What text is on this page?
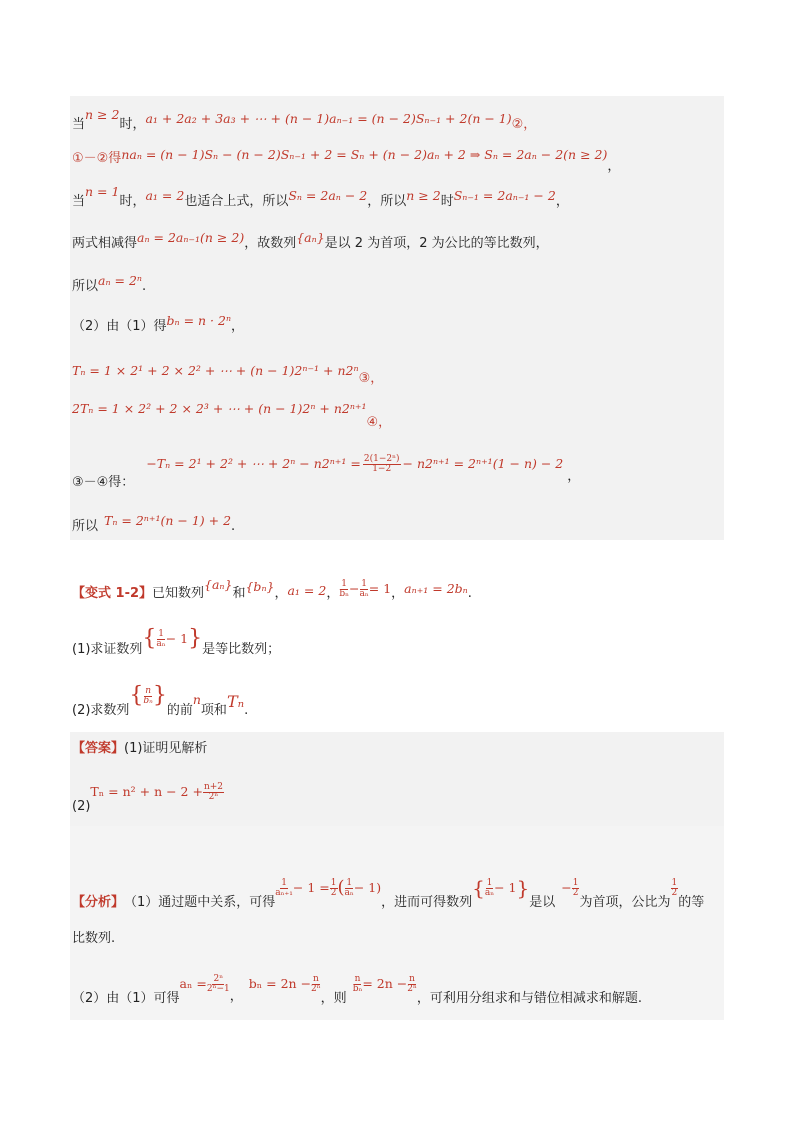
当
n ≥ 2
时， a₁ + 2a₂ + 3a₃ + ⋯ + (n − 1)aₙ₋₁ = (n − 2)Sₙ₋₁ + 2(n − 1) ②，
①－②得 naₙ = (n − 1)Sₙ − (n − 2)Sₙ₋₁ + 2 = Sₙ + (n − 2)aₙ + 2 ⇒ Sₙ = 2aₙ − 2(n ≥ 2)
，
当
n = 1
时， a₁ = 2 也适合上式，所以 Sₙ = 2aₙ − 2 ，所以 n ≥ 2 时 Sₙ₋₁ = 2aₙ₋₁ − 2 ，
两式相减得 aₙ = 2aₙ₋₁(n ≥ 2) ，故数列 {aₙ} 是以 2 为首项，2 为公比的等比数列，
所以 aₙ = 2ⁿ .
（2）由（1）得 bₙ = n · 2ⁿ ，
Tₙ = 1 × 2¹ + 2 × 2² + ⋯ + (n − 1)2ⁿ⁻¹ + n2ⁿ
③，
2Tₙ = 1 × 2² + 2 × 2³ + ⋯ + (n − 1)2ⁿ + n2ⁿ⁺¹
④，
③－④得：
−Tₙ = 2¹ + 2² + ⋯ + $2^n - n2^{n+1} = \frac{\text{2(1−2ⁿ)}}{1-2} - n2^{n+1} = 2^{n+1}(1 - n) - 2$
，
所以 Tₙ = 2ⁿ⁺¹(n − 1) + 2 .
【变式 1-2】 已知数列
{aₙ}
和 {bₙ} ， a₁ = 2 ， $\frac{1}{\text{bₙ}} - \frac{1}{\text{aₙ}} = 1$ ， aₙ₊₁ = 2bₙ .
(1)求证数列 { $\frac{1}{\text{aₙ}} - 1$ } 是等比数列；
(2)求数列
{ $\frac{n}{\text{bₙ}}$ }
的前
n
项和 Tₙ .
【答案】 (1)证明见解析
(2)
$T_n = n^2 + n - 2 + \frac{n+2}{\text{2ⁿ}}$
【分析】 （1）通过题中关系，可得
$\frac{1}{\text{aₙ₊₁}} - 1 = \frac{1}{2}$ ( $\frac{1}{\text{aₙ}} - 1$)
，进而可得数列
{ $\frac{1}{\text{aₙ}} - 1$ }
是以
− $\frac{1}{2}$
为首项，公比为
$\frac{1}{2}$
的等
比数列.
（2）由（1）可得
$a_n = \frac{\text{2ⁿ}}{\text{2ⁿ−1}}$
，
$b_n = 2n - \frac{n}{\text{2ⁿ}}$
，则
$\frac{n}{\text{bₙ}} = 2n - \frac{n}{\text{2ⁿ}}$
，可利用分组求和与错位相减求和解题.
